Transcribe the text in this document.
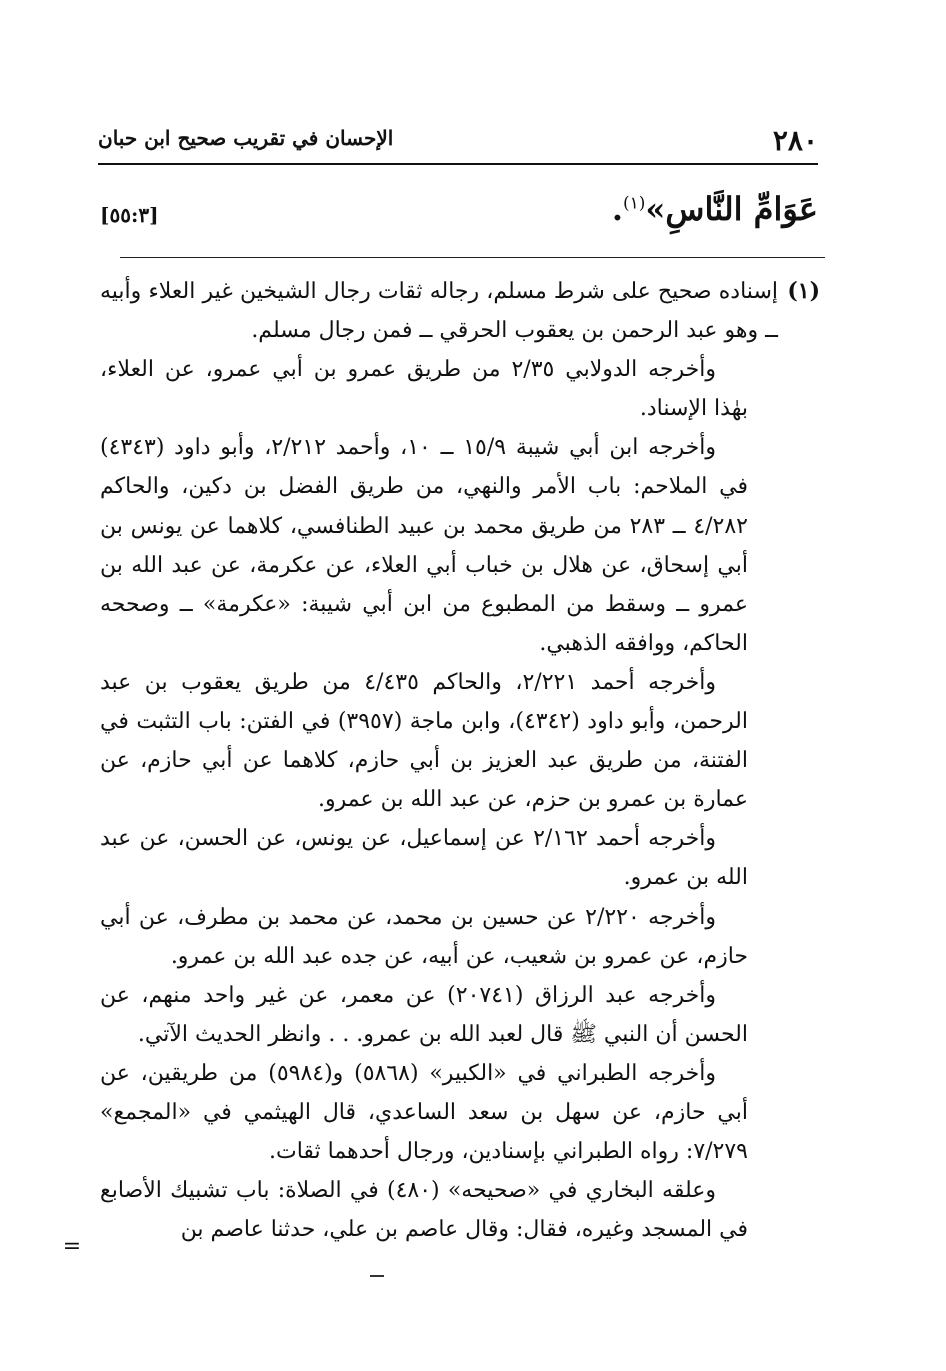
٢٨٠
الإحسان في تقريب صحيح ابن حبان
عَوَامِّ النَّاسِ»$^{(١)}$.
[٥٥:٣]
(١)

إسناده صحيح على شرط مسلم، رجاله ثقات رجال الشيخين غير العلاء وأبيه ــ وهو عبد الرحمن بن يعقوب الحرقي ــ فمن رجال مسلم.

وأخرجه الدولابي ٢/٣٥ من طريق عمرو بن أبي عمرو، عن العلاء، بهٰذا الإسناد.

وأخرجه ابن أبي شيبة ١٥/٩ ــ ١٠، وأحمد ٢/٢١٢، وأبو داود (٤٣٤٣) في الملاحم: باب الأمر والنهي، من طريق الفضل بن دكين، والحاكم ٤/٢٨٢ ــ ٢٨٣ من طريق محمد بن عبيد الطنافسي، كلاهما عن يونس بن أبي إسحاق، عن هلال بن خباب أبي العلاء، عن عكرمة، عن عبد الله بن عمرو ــ وسقط من المطبوع من ابن أبي شيبة: «عكرمة» ــ وصححه الحاكم، ووافقه الذهبي.

وأخرجه أحمد ٢/٢٢١، والحاكم ٤/٤٣٥ من طريق يعقوب بن عبد الرحمن، وأبو داود (٤٣٤٢)، وابن ماجة (٣٩٥٧) في الفتن: باب التثبت في الفتنة، من طريق عبد العزيز بن أبي حازم، كلاهما عن أبي حازم، عن عمارة بن عمرو بن حزم، عن عبد الله بن عمرو.

وأخرجه أحمد ٢/١٦٢ عن إسماعيل، عن يونس، عن الحسن، عن عبد الله بن عمرو.

وأخرجه ٢/٢٢٠ عن حسين بن محمد، عن محمد بن مطرف، عن أبي حازم، عن عمرو بن شعيب، عن أبيه، عن جده عبد الله بن عمرو.

وأخرجه عبد الرزاق (٢٠٧٤١) عن معمر، عن غير واحد منهم، عن الحسن أن النبي ﷺ قال لعبد الله بن عمرو. . . وانظر الحديث الآتي.

وأخرجه الطبراني في «الكبير» (٥٨٦٨) و(٥٩٨٤) من طريقين، عن أبي حازم، عن سهل بن سعد الساعدي، قال الهيثمي في «المجمع» ٧/٢٧٩: رواه الطبراني بإسنادين، ورجال أحدهما ثقات.

وعلقه البخاري في «صحيحه» (٤٨٠) في الصلاة: باب تشبيك الأصابع في المسجد وغيره، فقال: وقال عاصم بن علي، حدثنا عاصم بن

=
